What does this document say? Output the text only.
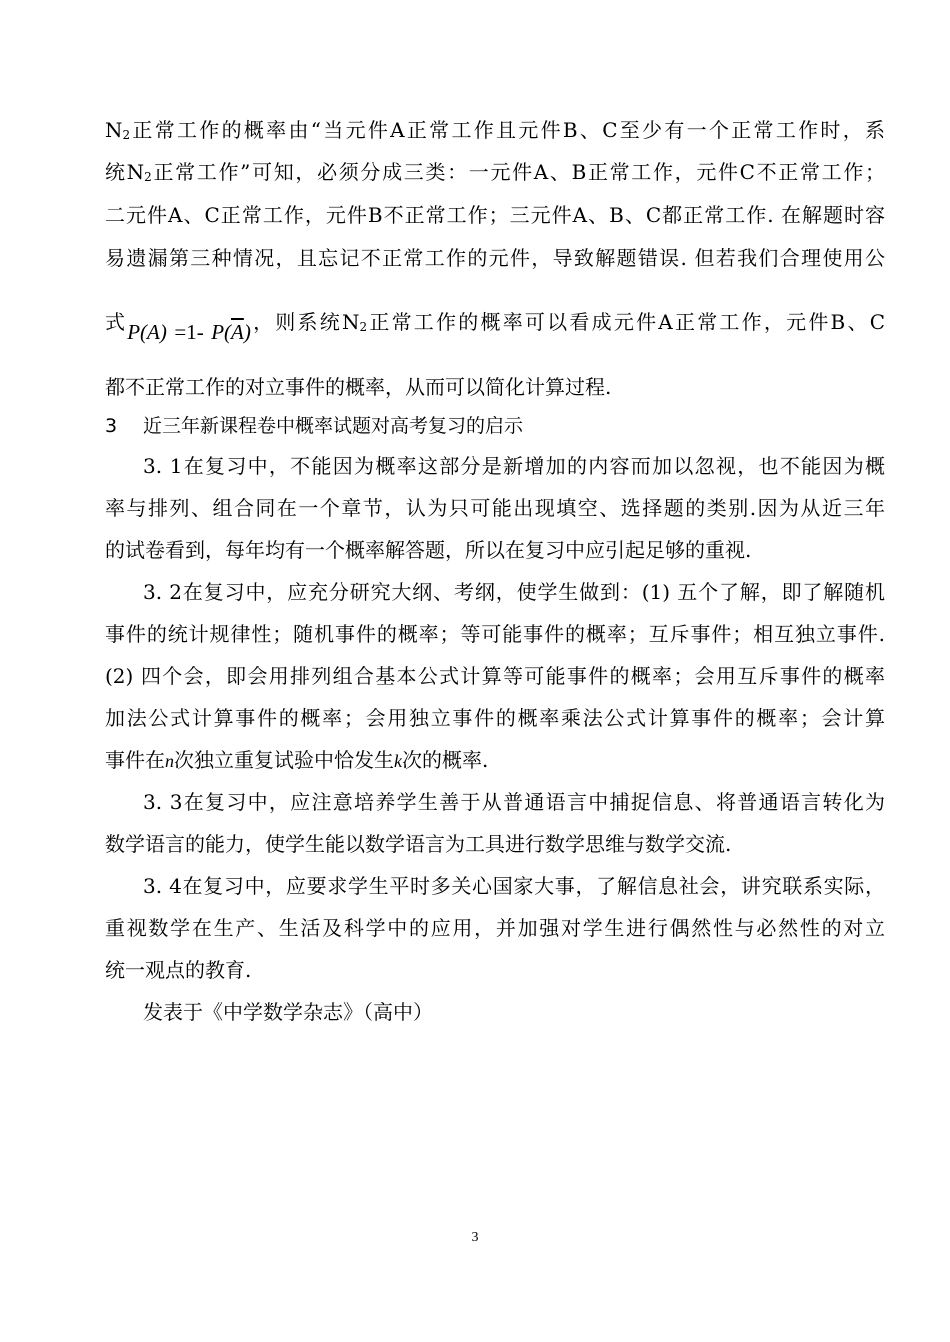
$N_2$正常工作的概率由“当元件A正常工作且元件B、C至少有一个正常工作时，系
统$N_2$正常工作”可知，必须分成三类：一元件A、B正常工作，元件C不正常工作；
二元件A、C正常工作，元件B不正常工作；三元件A、B、C都正常工作. 在解题时容
易遗漏第三种情况，且忘记不正常工作的元件，导致解题错误. 但若我们合理使用公
式P(A) =1- $P(\overline{A})$，则系统$N_2$正常工作的概率可以看成元件A正常工作，元件B、C
都不正常工作的对立事件的概率，从而可以简化计算过程.
3 近三年新课程卷中概率试题对高考复习的启示
3. 1在复习中，不能因为概率这部分是新增加的内容而加以忽视，也不能因为概
率与排列、组合同在一个章节，认为只可能出现填空、选择题的类别.因为从近三年
的试卷看到，每年均有一个概率解答题，所以在复习中应引起足够的重视.
3. 2在复习中，应充分研究大纲、考纲，使学生做到：(1) 五个了解，即了解随机
事件的统计规律性；随机事件的概率；等可能事件的概率；互斥事件；相互独立事件.
(2) 四个会，即会用排列组合基本公式计算等可能事件的概率；会用互斥事件的概率
加法公式计算事件的概率；会用独立事件的概率乘法公式计算事件的概率；会计算
事件在n次独立重复试验中恰发生k次的概率.
3. 3在复习中，应注意培养学生善于从普通语言中捕捉信息、将普通语言转化为
数学语言的能力，使学生能以数学语言为工具进行数学思维与数学交流.
3. 4在复习中，应要求学生平时多关心国家大事，了解信息社会，讲究联系实际，
重视数学在生产、生活及科学中的应用，并加强对学生进行偶然性与必然性的对立
统一观点的教育.
发表于《中学数学杂志》（高中）
3
